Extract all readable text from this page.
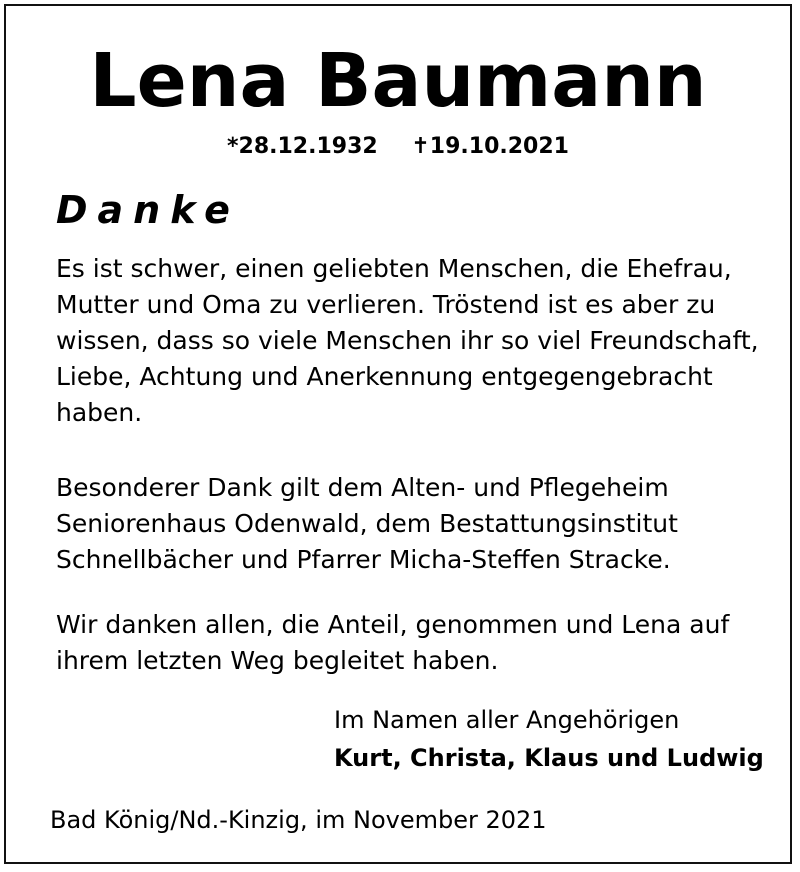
Lena Baumann
*28.12.1932 ✝19.10.2021
Danke
Es ist schwer, einen geliebten Menschen, die Ehefrau, Mutter und Oma zu verlieren. Tröstend ist es aber zu wissen, dass so viele Menschen ihr so viel Freundschaft, Liebe, Achtung und Anerkennung entgegengebracht haben.
Besonderer Dank gilt dem Alten- und Pflegeheim Seniorenhaus Odenwald, dem Bestattungsinstitut Schnellbächer und Pfarrer Micha-Steffen Stracke.
Wir danken allen, die Anteil, genommen und Lena auf ihrem letzten Weg begleitet haben.
Im Namen aller Angehörigen
Kurt, Christa, Klaus und Ludwig
Bad König/Nd.-Kinzig, im November 2021
